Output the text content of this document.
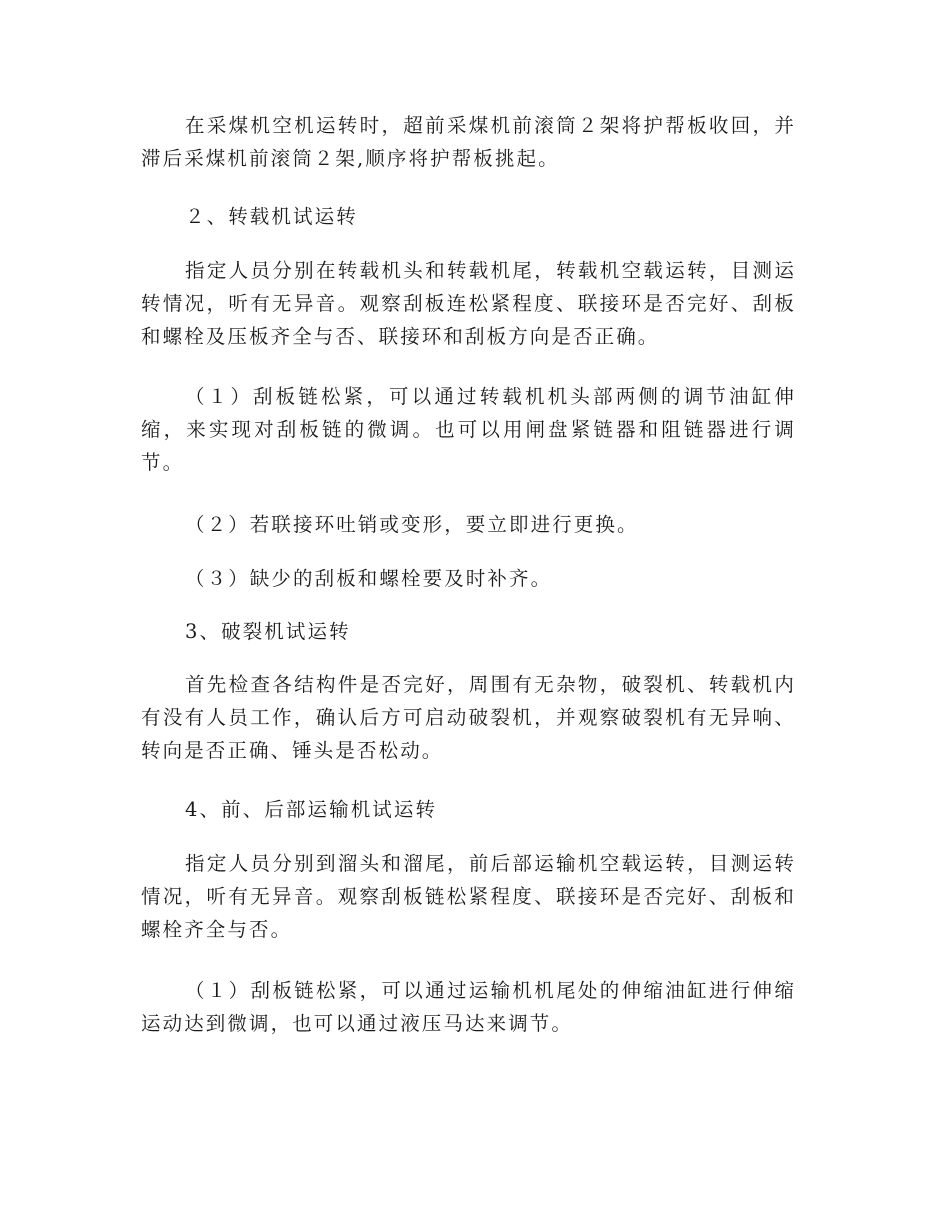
在采煤机空机运转时，超前采煤机前滚筒２架将护帮板收回，并滞后采煤机前滚筒２架,顺序将护帮板挑起。

２、转载机试运转

指定人员分别在转载机头和转载机尾，转载机空载运转，目测运转情况，听有无异音。观察刮板连松紧程度、联接环是否完好、刮板和螺栓及压板齐全与否、联接环和刮板方向是否正确。

（１）刮板链松紧，可以通过转载机机头部两侧的调节油缸伸缩，来实现对刮板链的微调。也可以用闸盘紧链器和阻链器进行调节。

（２）若联接环吐销或变形，要立即进行更换。

（３）缺少的刮板和螺栓要及时补齐。

3、破裂机试运转

首先检查各结构件是否完好，周围有无杂物，破裂机、转载机内有没有人员工作，确认后方可启动破裂机，并观察破裂机有无异响、转向是否正确、锤头是否松动。

4、前、后部运输机试运转

指定人员分别到溜头和溜尾，前后部运输机空载运转，目测运转情况，听有无异音。观察刮板链松紧程度、联接环是否完好、刮板和螺栓齐全与否。

（１）刮板链松紧，可以通过运输机机尾处的伸缩油缸进行伸缩运动达到微调，也可以通过液压马达来调节。
